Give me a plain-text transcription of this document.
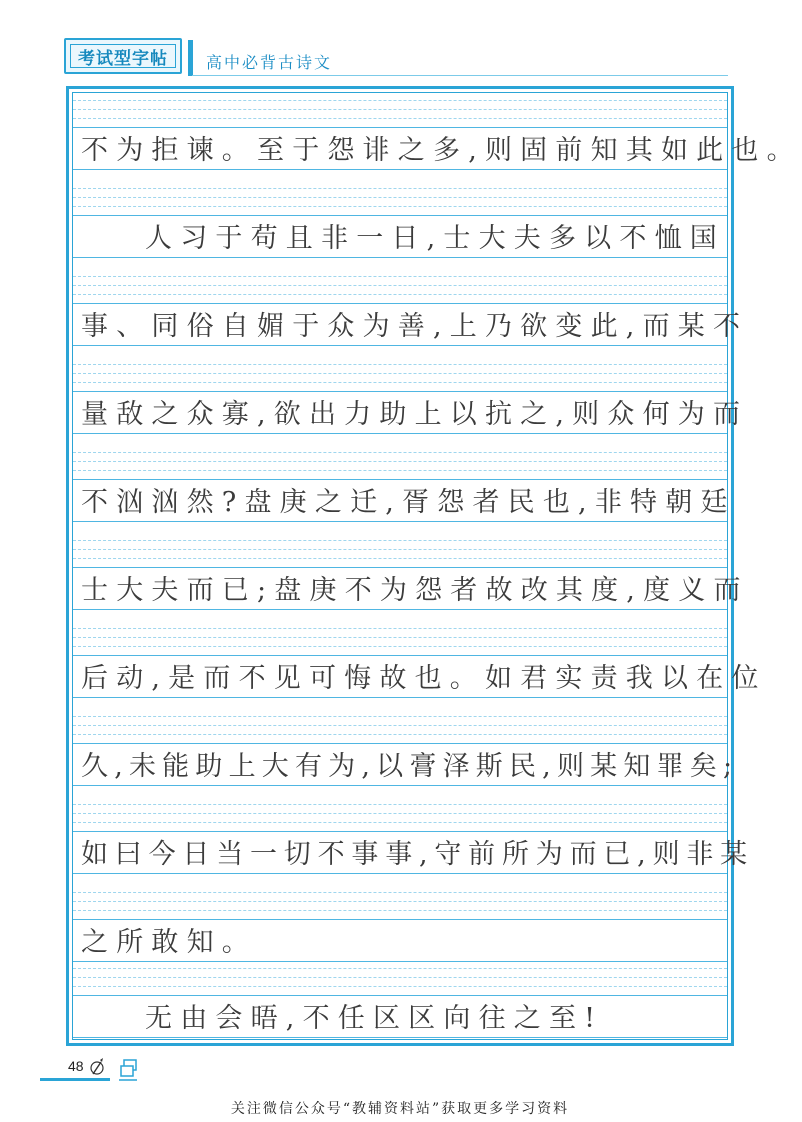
考试型字帖	高中必背古诗文
不为拒谏。至于怨诽之多,则固前知其如此也。
人习于苟且非一日,士大夫多以不恤国
事、同俗自媚于众为善,上乃欲变此,而某不
量敌之众寡,欲出力助上以抗之,则众何为而
不汹汹然?盘庚之迁,胥怨者民也,非特朝廷
士大夫而已;盘庚不为怨者故改其度,度义而
后动,是而不见可悔故也。如君实责我以在位
久,未能助上大有为,以膏泽斯民,则某知罪矣;
如曰今日当一切不事事,守前所为而已,则非某
之所敢知。
无由会晤,不任区区向往之至!
48
关注微信公众号“教辅资料站”获取更多学习资料
